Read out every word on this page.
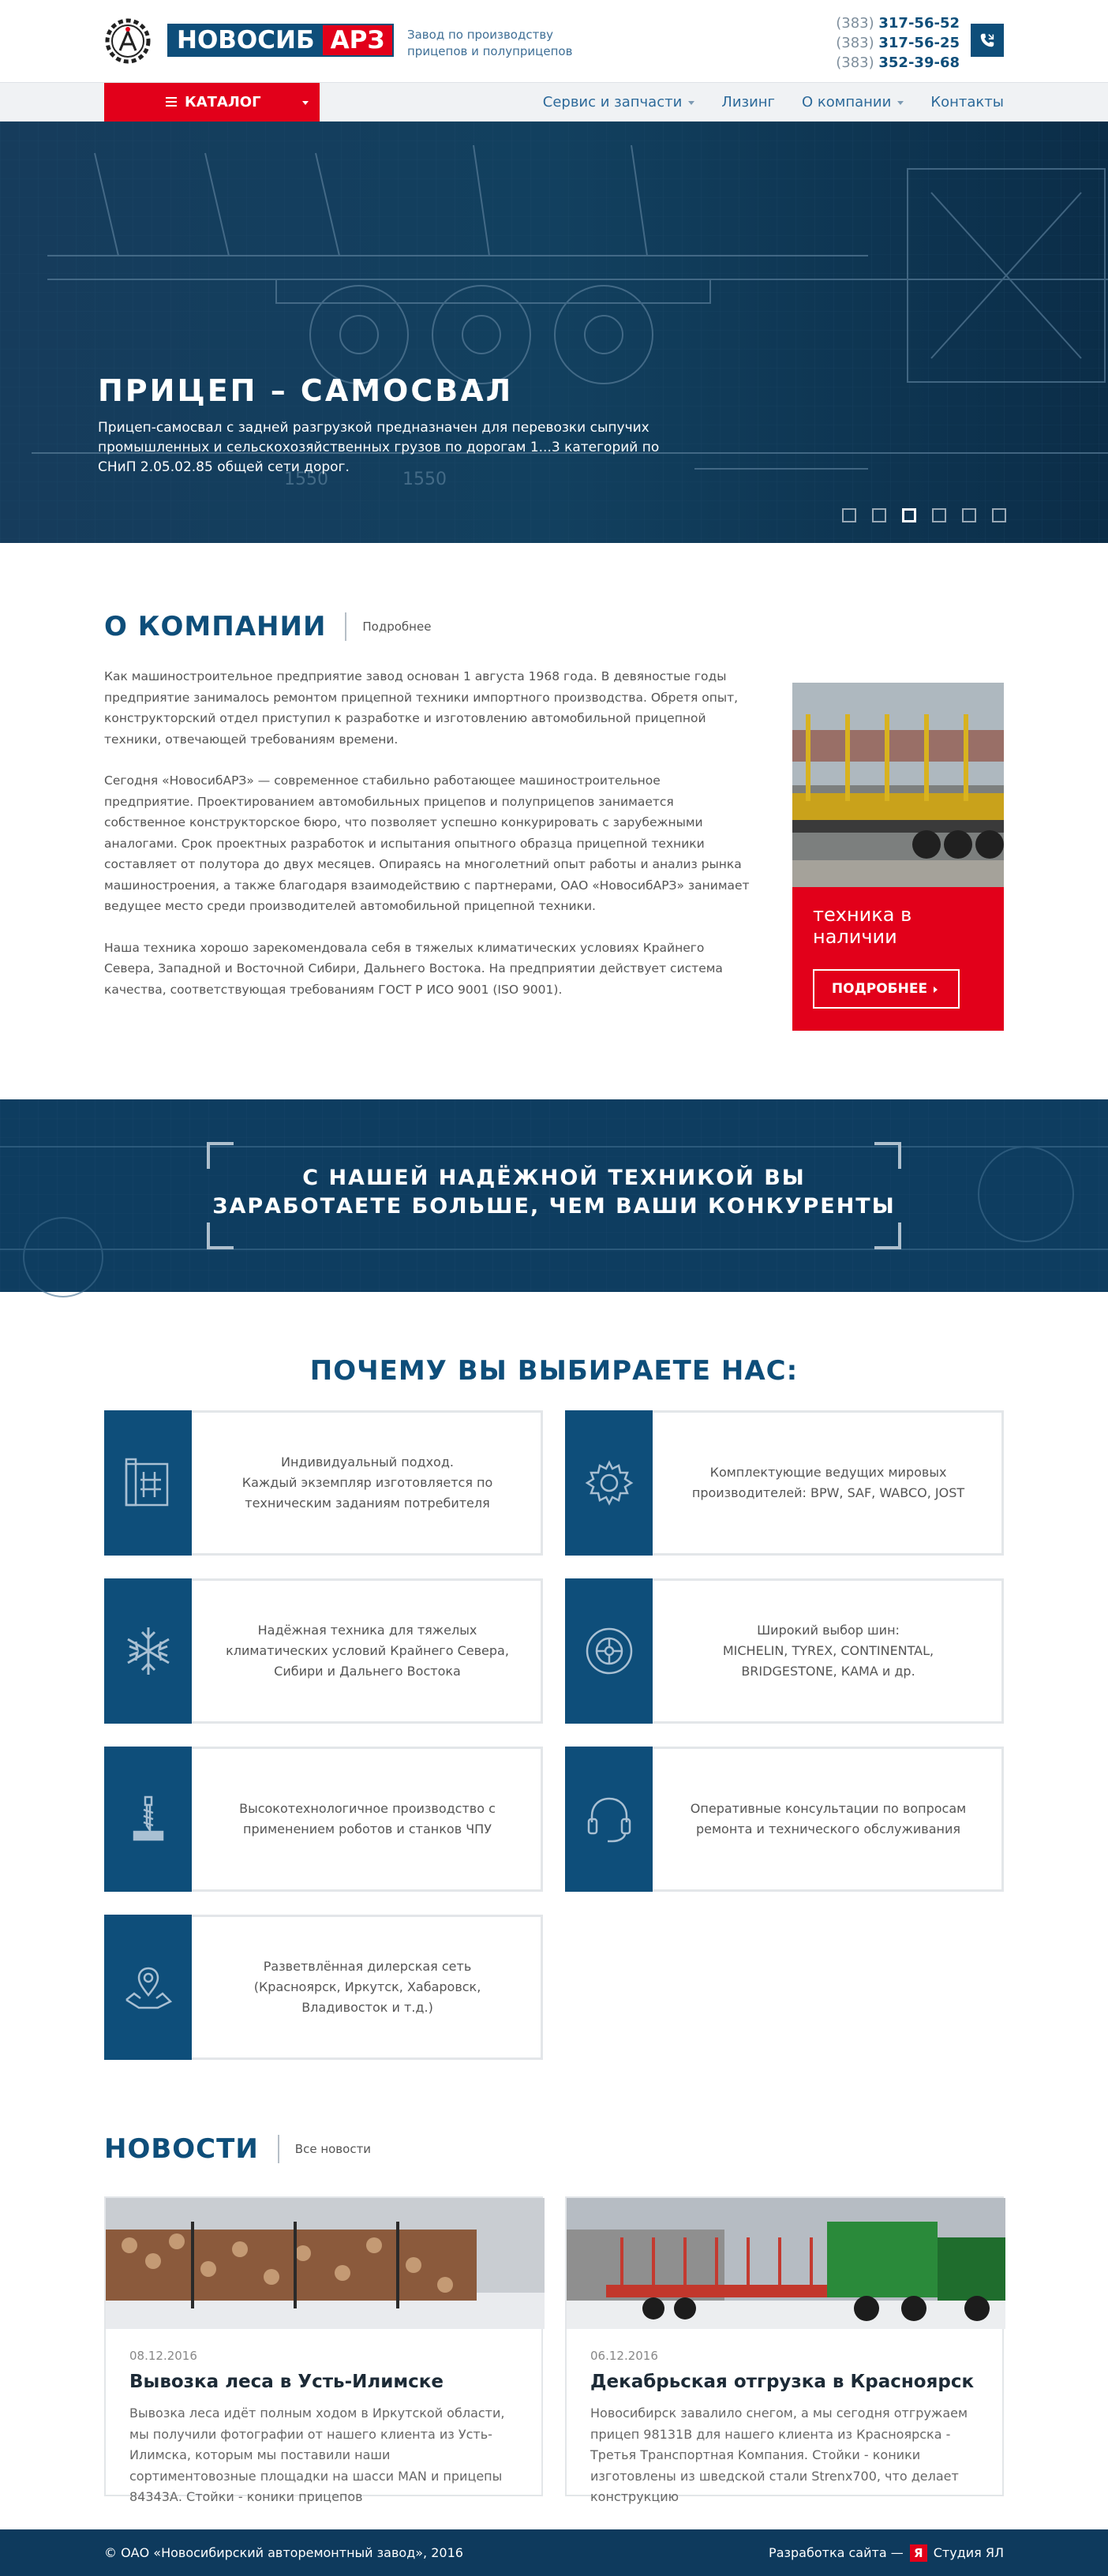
НОВОСИБ АРЗ	Завод по производству прицепов и полуприцепов
(383) 317-56-52
(383) 317-56-25
(383) 352-39-68
КАТАЛОГ	Сервис и запчасти	Лизинг О компании	Контакты
1550	1550
ПРИЦЕП – САМОСВАЛ
Прицеп-самосвал с задней разгрузкой предназначен для перевозки сыпучих промышленных и сельскохозяйственных грузов по дорогам 1...3 категорий по СНиП 2.05.02.85 общей сети дорог.
О КОМПАНИИ	Подробнее

Как машиностроительное предприятие завод основан 1 августа 1968 года. В девяностые годы предприятие занималось ремонтом прицепной техники импортного производства. Обретя опыт, конструкторский отдел приступил к разработке и изготовлению автомобильной прицепной техники, отвечающей требованиям времени.

Сегодня «НовосибАРЗ» — современное стабильно работающее машиностроительное предприятие. Проектированием автомобильных прицепов и полуприцепов занимается собственное конструкторское бюро, что позволяет успешно конкурировать с зарубежными аналогами. Срок проектных разработок и испытания опытного образца прицепной техники составляет от полутора до двух месяцев. Опираясь на многолетний опыт работы и анализ рынка машиностроения, а также благодаря взаимодействию с партнерами, ОАО «НовосибАРЗ» занимает ведущее место среди производителей автомобильной прицепной техники.

Наша техника хорошо зарекомендовала себя в тяжелых климатических условиях Крайнего Севера, Западной и Восточной Сибири, Дальнего Востока. На предприятии действует система качества, соответствующая требованиям ГОСТ Р ИСО 9001 (ISO 9001).

техника в наличии
ПОДРОБНЕЕ
С НАШЕЙ НАДЁЖНОЙ ТЕХНИКОЙ ВЫ ЗАРАБОТАЕТЕ БОЛЬШЕ, ЧЕМ ВАШИ КОНКУРЕНТЫ
ПОЧЕМУ ВЫ ВЫБИРАЕТЕ НАС:
Индивидуальный подход.
Каждый экземпляр изготовляется по техническим заданиям потребителя
Комплектующие ведущих мировых производителей: BPW, SAF, WABCO, JOST
Надёжная техника для тяжелых климатических условий Крайнего Севера, Сибири и Дальнего Востока
Широкий выбор шин:
MICHELIN, TYREX, CONTINENTAL, BRIDGESTONE, КАМА и др.
Высокотехнологичное производство с применением роботов и станков ЧПУ
Оперативные консультации по вопросам ремонта и технического обслуживания
Разветвлённая дилерская сеть
(Красноярск, Иркутск, Хабаровск, Владивосток и т.д.)
НОВОСТИ	Все новости
08.12.2016
Вывозка леса в Усть-Илимске
Вывозка леса идёт полным ходом в Иркутской области, мы получили фотографии от нашего клиента из Усть-Илимска, которым мы поставили наши сортиментовозные площадки на шасси MAN и прицепы 84343А. Стойки - коники прицепов
06.12.2016
Декабрьская отгрузка в Красноярск
Новосибирск завалило снегом, а мы сегодня отгружаем прицеп 98131В для нашего клиента из Красноярска - Третья Транспортная Компания. Стойки - коники изготовлены из шведской стали Strenx700, что делает конструкцию
© ОАО «Новосибирский авторемонтный завод», 2016	Разработка сайта — Я Студия ЯЛ
